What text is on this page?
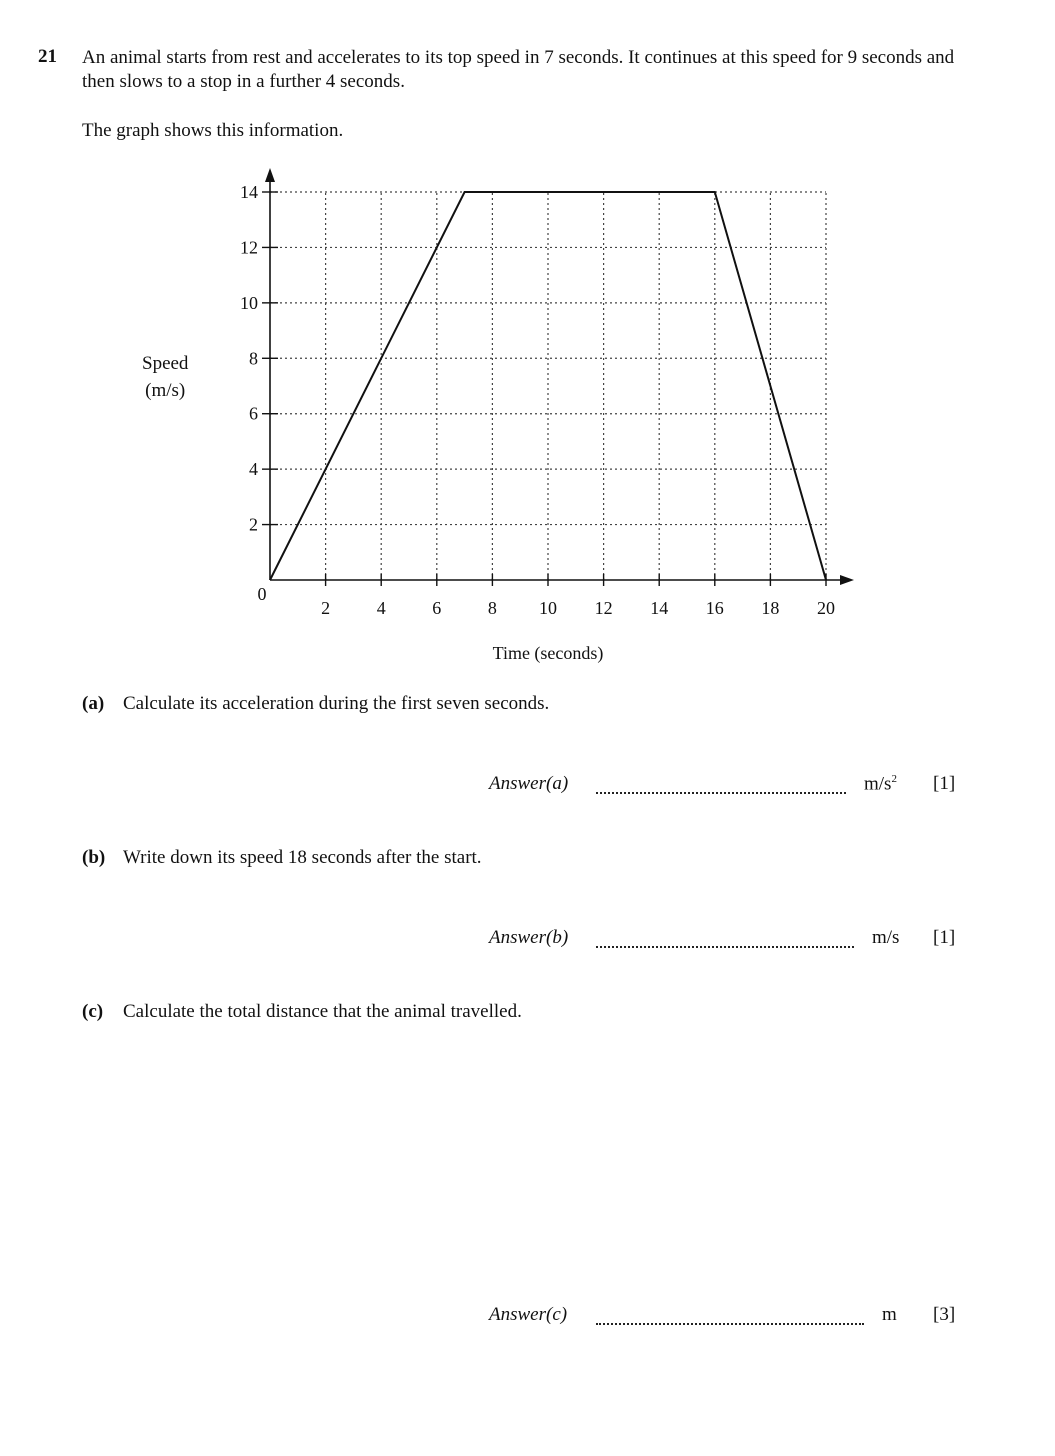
21 An animal starts from rest and accelerates to its top speed in 7 seconds. It continues at this speed for 9 seconds and then slows to a stop in a further 4 seconds.

The graph shows this information.
Speed
(m/s)
2	4	6	8 10 12 14 16 18 20
2
4
6
8
10
12
14
0
Time (seconds)
(a) Calculate its acceleration during the first seven seconds.
Answer(a)	$m/s^2$ [1]
(b) Write down its speed 18 seconds after the start.
Answer(b)	m/s [1]
(c) Calculate the total distance that the animal travelled.
Answer(c)	m [3]
